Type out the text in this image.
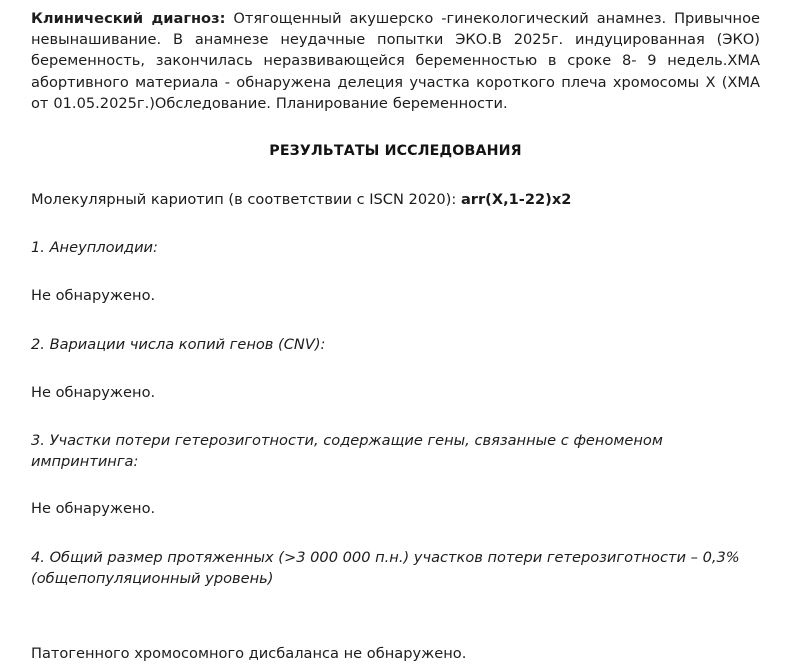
Клинический диагноз: Отягощенный акушерско -гинекологический анамнез. Привычное невынашивание. В анамнезе неудачные попытки ЭКО.В 2025г. индуцированная (ЭКО) беременность, закончилась неразвивающейся беременностью в сроке 8- 9 недель.ХМА абортивного материала - обнаружена делеция участка короткого плеча хромосомы X (ХМА от 01.05.2025г.)Обследование. Планирование беременности.

РЕЗУЛЬТАТЫ ИССЛЕДОВАНИЯ

Молекулярный кариотип (в соответствии с ISCN 2020): arr(X,1-22)x2

1. Анеуплоидии:

Не обнаружено.

2. Вариации числа копий генов (CNV):

Не обнаружено.

3. Участки потери гетерозиготности, содержащие гены, связанные с феноменом импринтинга:

Не обнаружено.

4. Общий размер протяженных (>3 000 000 п.н.) участков потери гетерозиготности – 0,3% (общепопуляционный уровень)

Патогенного хромосомного дисбаланса не обнаружено.
